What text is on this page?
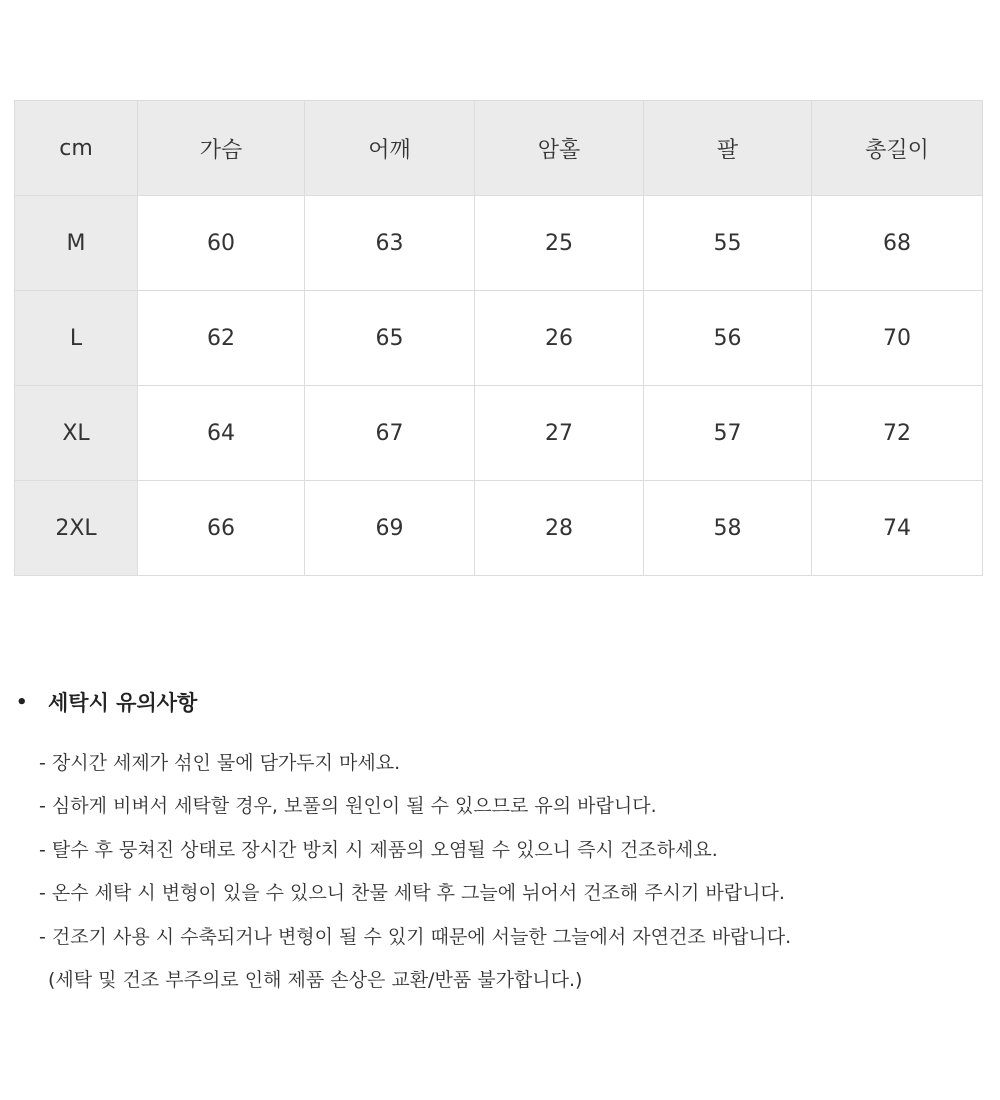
cm	가슴	어깨	암홀	팔	총길이
M	60	63	25	55	68
L	62	65	26	56	70
XL	64	67	27	57	72
2XL	66	69	28	58	74
• 세탁시 유의사항
- 장시간 세제가 섞인 물에 담가두지 마세요.
- 심하게 비벼서 세탁할 경우, 보풀의 원인이 될 수 있으므로 유의 바랍니다.
- 탈수 후 뭉쳐진 상태로 장시간 방치 시 제품의 오염될 수 있으니 즉시 건조하세요.
- 온수 세탁 시 변형이 있을 수 있으니 찬물 세탁 후 그늘에 뉘어서 건조해 주시기 바랍니다.
- 건조기 사용 시 수축되거나 변형이 될 수 있기 때문에 서늘한 그늘에서 자연건조 바랍니다.
(세탁 및 건조 부주의로 인해 제품 손상은 교환/반품 불가합니다.)
